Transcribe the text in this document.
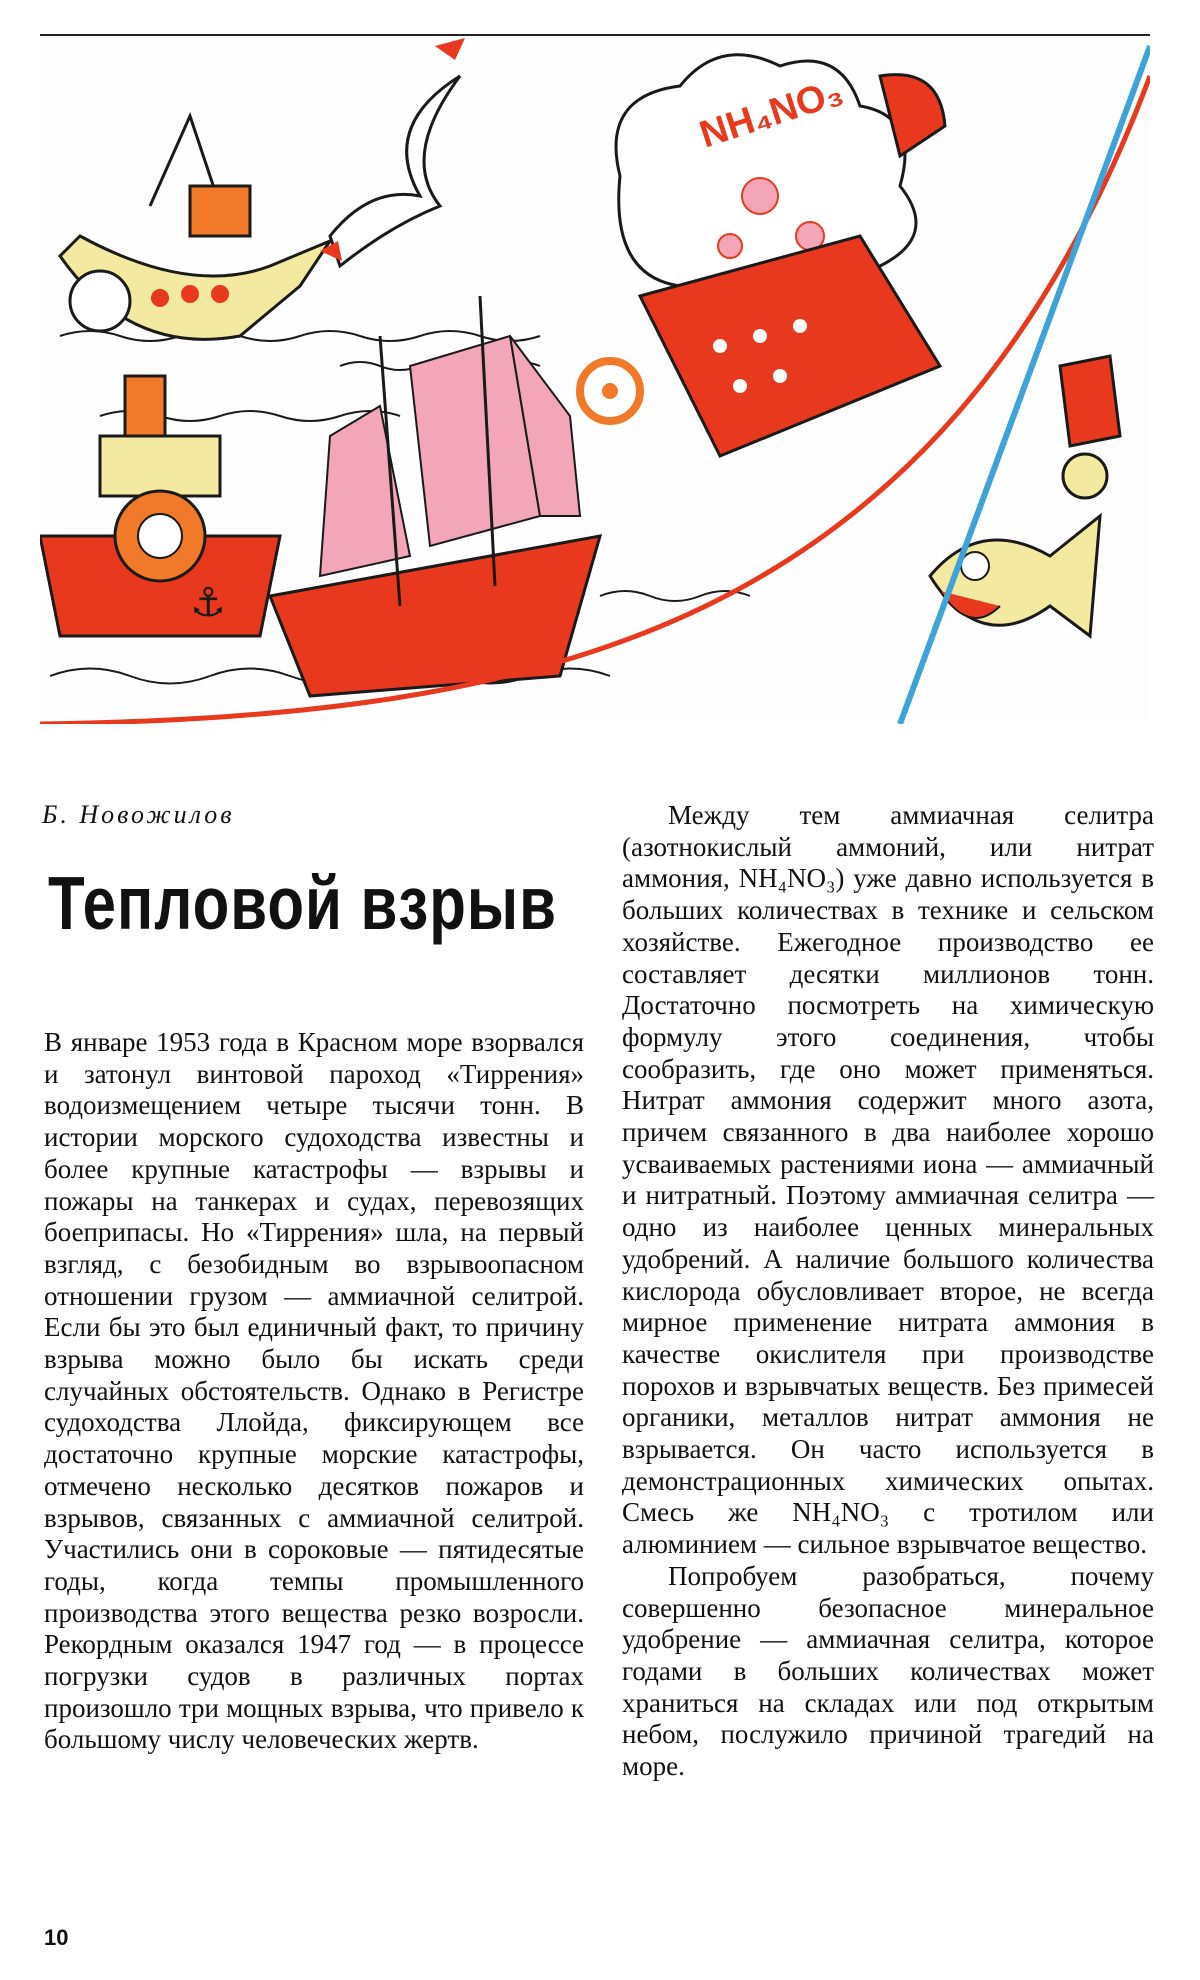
⚓
NH₄NO₃
Б. Новожилов
Тепловой взрыв

В январе 1953 года в Красном море взорвался и затонул винтовой пароход «Тиррения» водоизмещением четыре тысячи тонн. В истории морского судоходства известны и более крупные катастрофы — взрывы и пожары на танкерах и судах, перевозящих боеприпасы. Но «Тиррения» шла, на первый взгляд, с безобидным во взрывоопасном отношении грузом — аммиачной селитрой. Если бы это был единичный факт, то причину взрыва можно было бы искать среди случайных обстоятельств. Однако в Регистре судоходства Ллойда, фиксирующем все достаточно крупные морские катастрофы, отмечено несколько десятков пожаров и взрывов, связанных с аммиачной селитрой. Участились они в сороковые — пятидесятые годы, когда темпы промышленного производства этого вещества резко возросли. Рекордным оказался 1947 год — в процессе погрузки судов в различных портах произошло три мощных взрыва, что привело к большому числу человеческих жертв.

Между тем аммиачная селитра (азотнокислый аммоний, или нитрат аммония, NH₄NO₃) уже давно используется в больших количествах в технике и сельском хозяйстве. Ежегодное производство ее составляет десятки миллионов тонн. Достаточно посмотреть на химическую формулу этого соединения, чтобы сообразить, где оно может применяться. Нитрат аммония содержит много азота, причем связанного в два наиболее хорошо усваиваемых растениями иона — аммиачный и нитратный. Поэтому аммиачная селитра — одно из наиболее ценных минеральных удобрений. А наличие большого количества кислорода обусловливает второе, не всегда мирное применение нитрата аммония в качестве окислителя при производстве порохов и взрывчатых веществ. Без примесей органики, металлов нитрат аммония не взрывается. Он часто используется в демонстрационных химических опытах. Смесь же NH₄NO₃ с тротилом или алюминием — сильное взрывчатое вещество.

Попробуем разобраться, почему совершенно безопасное минеральное удобрение — аммиачная селитра, которое годами в больших количествах может храниться на складах или под открытым небом, послужило причиной трагедий на море.

10
